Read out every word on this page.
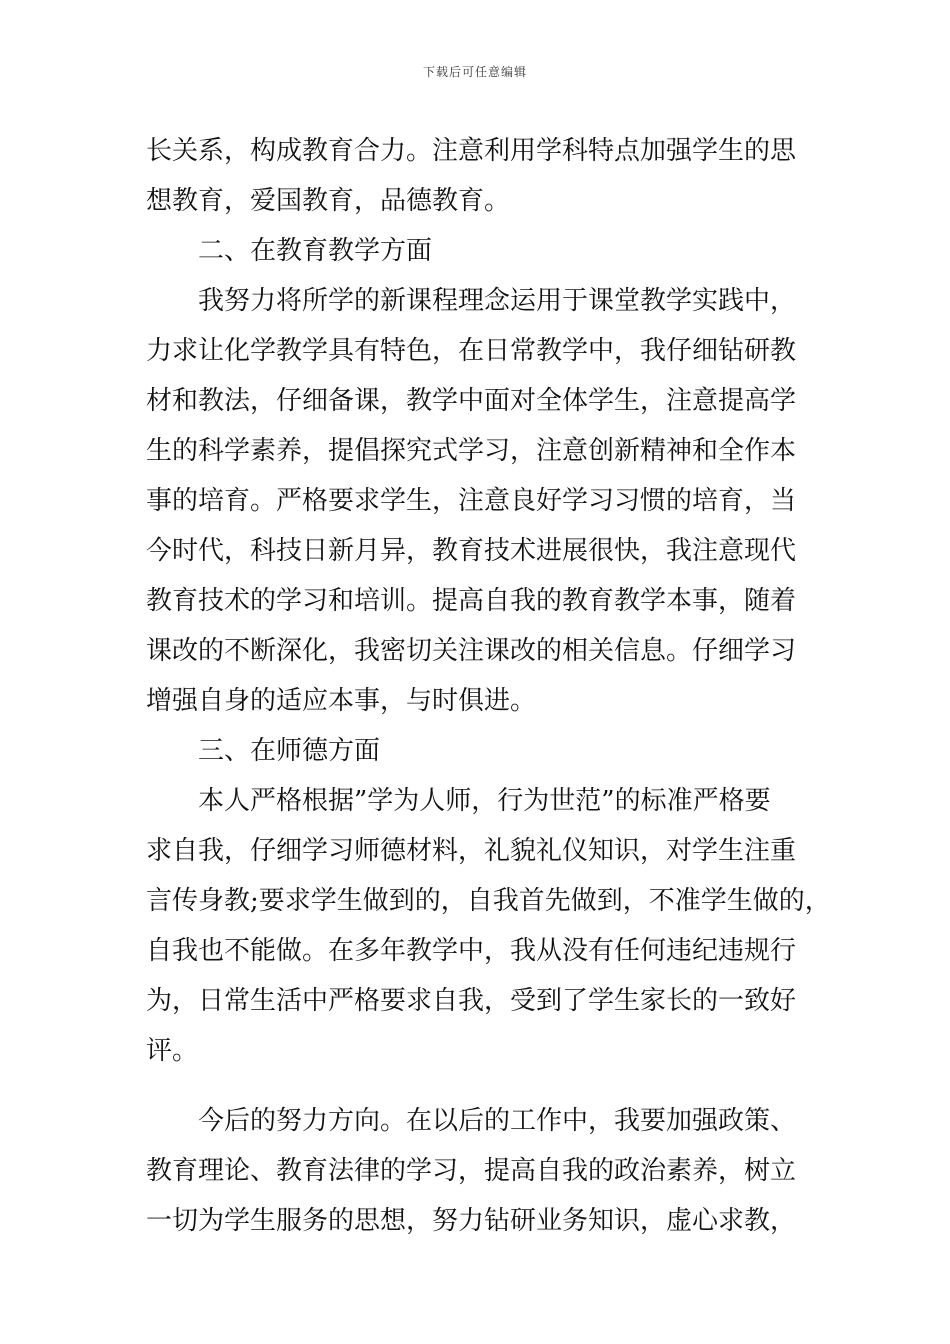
下载后可任意编辑
长关系，构成教育合力。注意利用学科特点加强学生的思
想教育，爱国教育，品德教育。
二、在教育教学方面
我努力将所学的新课程理念运用于课堂教学实践中，
力求让化学教学具有特色，在日常教学中，我仔细钻研教
材和教法，仔细备课，教学中面对全体学生，注意提高学
生的科学素养，提倡探究式学习，注意创新精神和全作本
事的培育。严格要求学生，注意良好学习习惯的培育，当
今时代，科技日新月异，教育技术进展很快，我注意现代
教育技术的学习和培训。提高自我的教育教学本事，随着
课改的不断深化，我密切关注课改的相关信息。仔细学习
增强自身的适应本事，与时俱进。
三、在师德方面
本人严格根据”学为人师，行为世范”的标准严格要
求自我，仔细学习师德材料，礼貌礼仪知识，对学生注重
言传身教;要求学生做到的，自我首先做到，不准学生做的，
自我也不能做。在多年教学中，我从没有任何违纪违规行
为，日常生活中严格要求自我，受到了学生家长的一致好
评。
今后的努力方向。在以后的工作中，我要加强政策、
教育理论、教育法律的学习，提高自我的政治素养，树立
一切为学生服务的思想，努力钻研业务知识，虚心求教，
